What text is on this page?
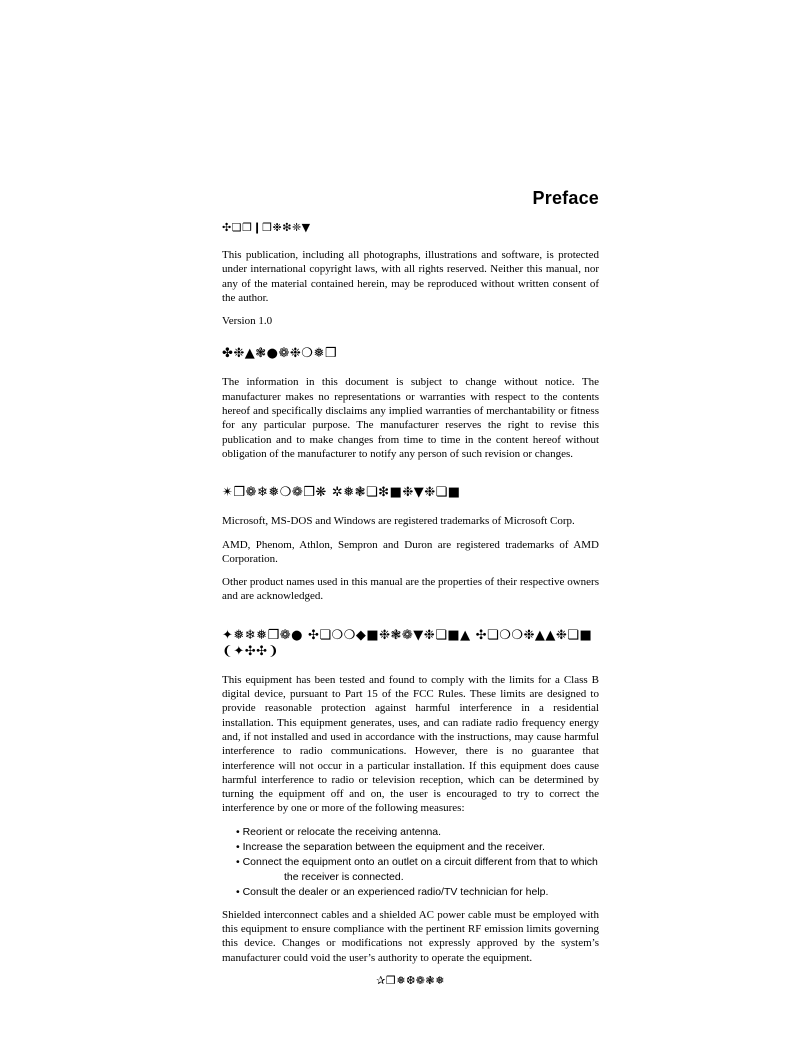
Preface
✣❏❐❙❒❉❇❈▼

This publication, including all photographs, illustrations and software, is protected under international copyright laws, with all rights reserved. Neither this manual, nor any of the material contained herein, may be reproduced without written consent of the author.

Version 1.0

✤❉▲❃●❁❉❍❅❒

The information in this document is subject to change without notice. The manufacturer makes no representations or warranties with respect to the contents hereof and specifically disclaims any implied warranties of merchantability or fitness for any particular purpose. The manufacturer reserves the right to revise this publication and to make changes from time to time in the content hereof without obligation of the manufacturer to notify any person of such revision or changes.

✴❒❁❄❅❍❁❒❋ ✲❅❃❏❇■❉▼❉❏■

Microsoft, MS-DOS and Windows are registered trademarks of Microsoft Corp.

AMD, Phenom, Athlon, Sempron and Duron are registered trademarks of AMD Corporation.

Other product names used in this manual are the properties of their respective owners and are acknowledged.

✦❅❄❅❒❁● ✣❏❍❍◆■❉❃❁▼❉❏■▲ ✣❏❍❍❉▲▲❉❏■ ❨✦✣✣❩

This equipment has been tested and found to comply with the limits for a Class B digital device, pursuant to Part 15 of the FCC Rules. These limits are designed to provide reasonable protection against harmful interference in a residential installation. This equipment generates, uses, and can radiate radio frequency energy and, if not installed and used in accordance with the instructions, may cause harmful interference to radio communications. However, there is no guarantee that interference will not occur in a particular installation. If this equipment does cause harmful interference to radio or television reception, which can be determined by turning the equipment off and on, the user is encouraged to try to correct the interference by one or more of the following measures:

• Reorient or relocate the receiving antenna.
• Increase the separation between the equipment and the receiver.
• Connect the equipment onto an outlet on a circuit different from that to which the receiver is connected.
• Consult the dealer or an experienced radio/TV technician for help.

Shielded interconnect cables and a shielded AC power cable must be employed with this equipment to ensure compliance with the pertinent RF emission limits governing this device. Changes or modifications not expressly approved by the system’s manufacturer could void the user’s authority to operate the equipment.

✰❒❅❆❁❃❅
